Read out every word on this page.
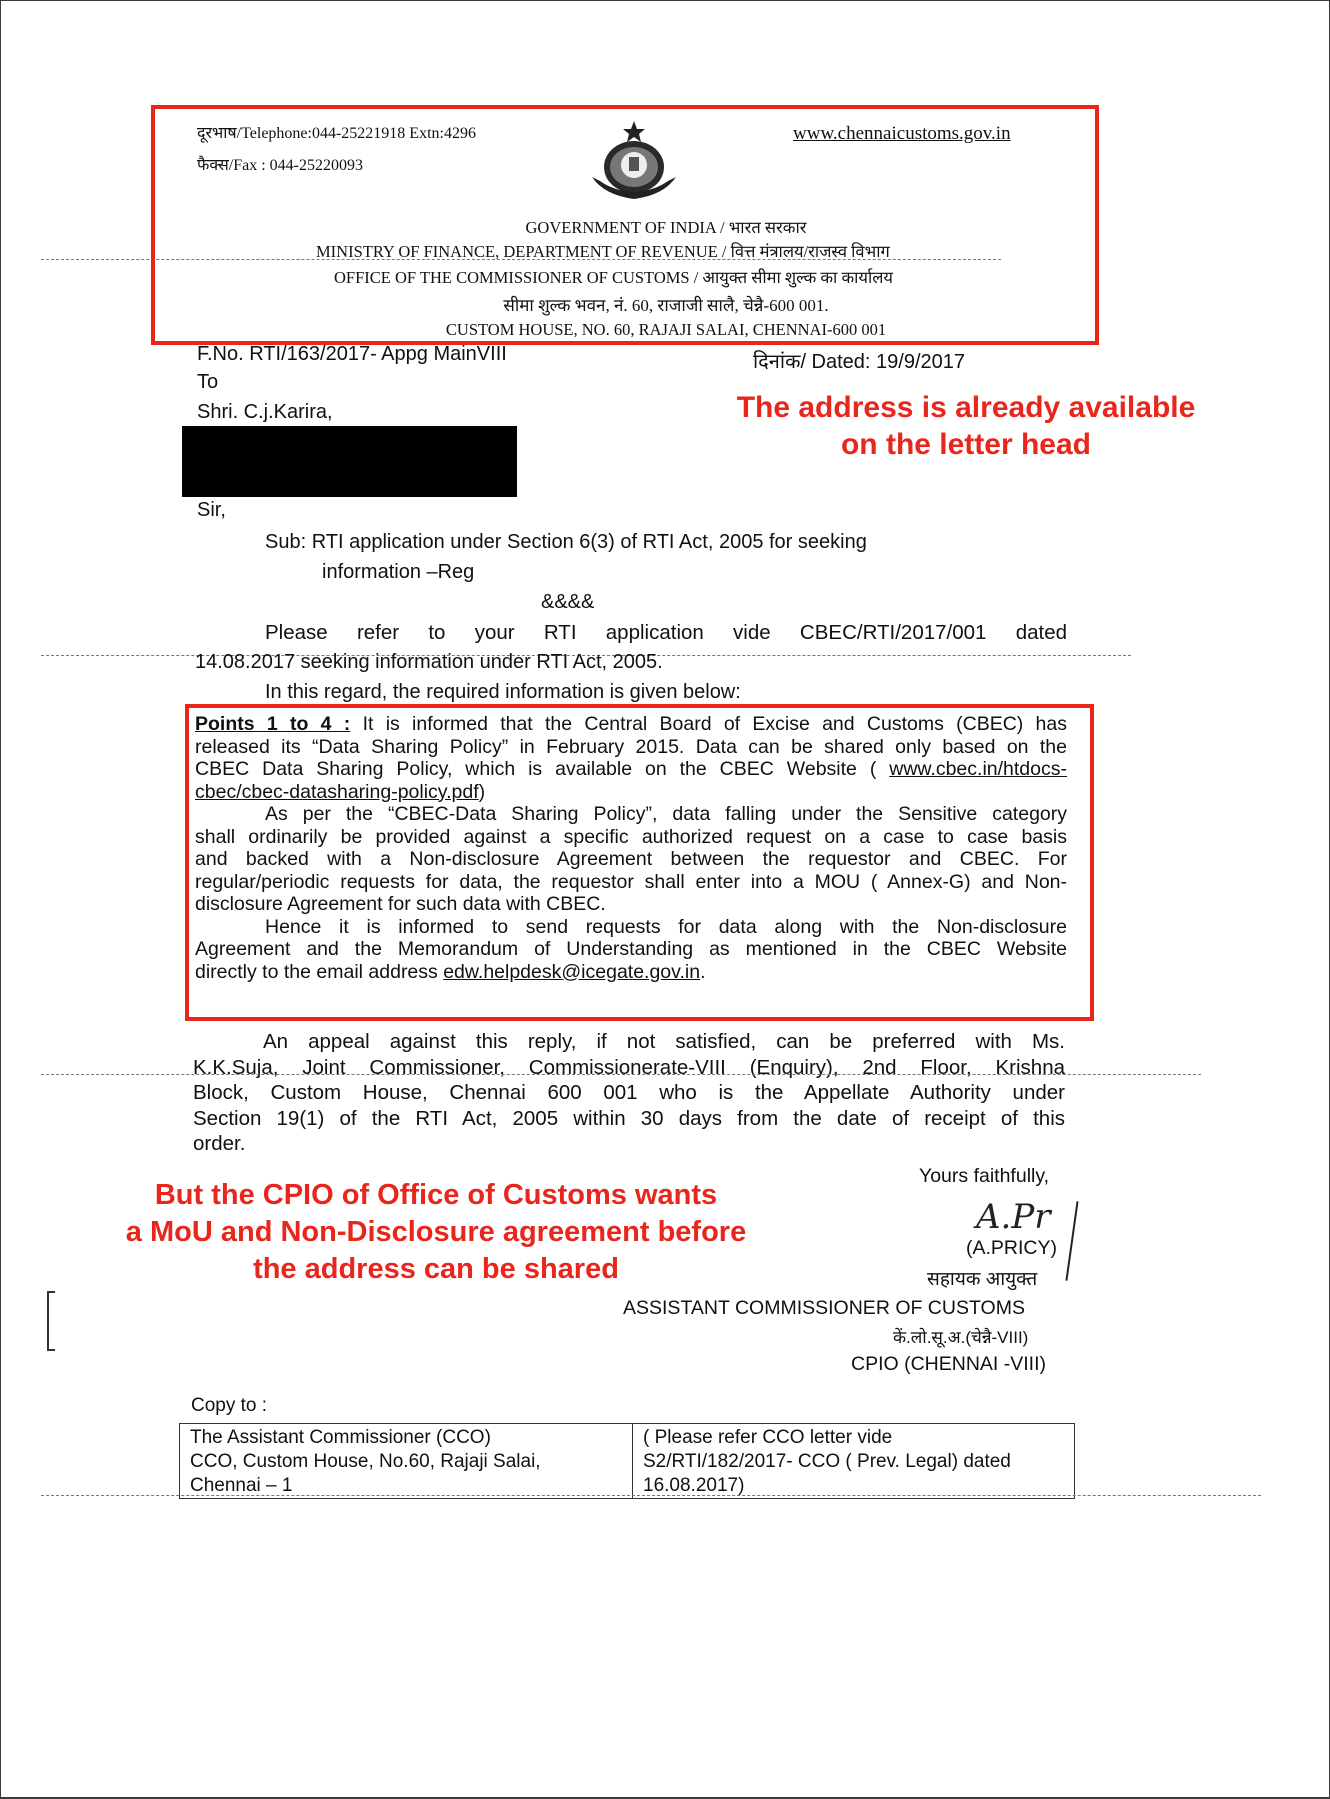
दूरभाष/Telephone:044-25221918 Extn:4296
फैक्स/Fax : 044-25220093
www.chennaicustoms.gov.in
GOVERNMENT OF INDIA / भारत सरकार
MINISTRY OF FINANCE, DEPARTMENT OF REVENUE / वित्त मंत्रालय/राजस्व विभाग
OFFICE OF THE COMMISSIONER OF CUSTOMS / आयुक्त सीमा शुल्क का कार्यालय
सीमा शुल्क भवन, नं. 60, राजाजी सालै, चेन्नै-600 001.
CUSTOM HOUSE, NO. 60, RAJAJI SALAI, CHENNAI-600 001
F.No. RTI/163/2017- Appg MainVIII	दिनांक/ Dated: 19/9/2017
To
Shri. C.j.Karira,	The address is already available
on the letter head
Sir,
Sub: RTI application under Section 6(3) of RTI Act, 2005 for seeking
information –Reg
&&&&
Please refer to your RTI application vide CBEC/RTI/2017/001 dated
14.08.2017 seeking information under RTI Act, 2005.
In this regard, the required information is given below:
Points 1 to 4 : It is informed that the Central Board of Excise and Customs (CBEC) has
released its “Data Sharing Policy” in February 2015. Data can be shared only based on the
CBEC Data Sharing Policy, which is available on the CBEC Website ( www.cbec.in/htdocs-
cbec/cbec-datasharing-policy.pdf)
As per the “CBEC-Data Sharing Policy”, data falling under the Sensitive category
shall ordinarily be provided against a specific authorized request on a case to case basis
and backed with a Non-disclosure Agreement between the requestor and CBEC. For
regular/periodic requests for data, the requestor shall enter into a MOU ( Annex-G) and Non-
disclosure Agreement for such data with CBEC.
Hence it is informed to send requests for data along with the Non-disclosure
Agreement and the Memorandum of Understanding as mentioned in the CBEC Website
directly to the email address edw.helpdesk@icegate.gov.in.
An appeal against this reply, if not satisfied, can be preferred with Ms.
K.K.Suja, Joint Commissioner, Commissionerate-VIII (Enquiry), 2nd Floor, Krishna
Block, Custom House, Chennai 600 001 who is the Appellate Authority under
Section 19(1) of the RTI Act, 2005 within 30 days from the date of receipt of this
order.
But the CPIO of Office of Customs wants
a MoU and Non-Disclosure agreement before
the address can be shared
Yours faithfully,
A.Pr
(A.PRICY)
सहायक आयुक्त
ASSISTANT COMMISSIONER OF CUSTOMS
कें.लो.सू.अ.(चेन्नै-VIII)
CPIO (CHENNAI -VIII)
Copy to :
The Assistant Commissioner (CCO)
CCO, Custom House, No.60, Rajaji Salai,
Chennai – 1

( Please refer CCO letter vide
S2/RTI/182/2017- CCO ( Prev. Legal) dated
16.08.2017)
